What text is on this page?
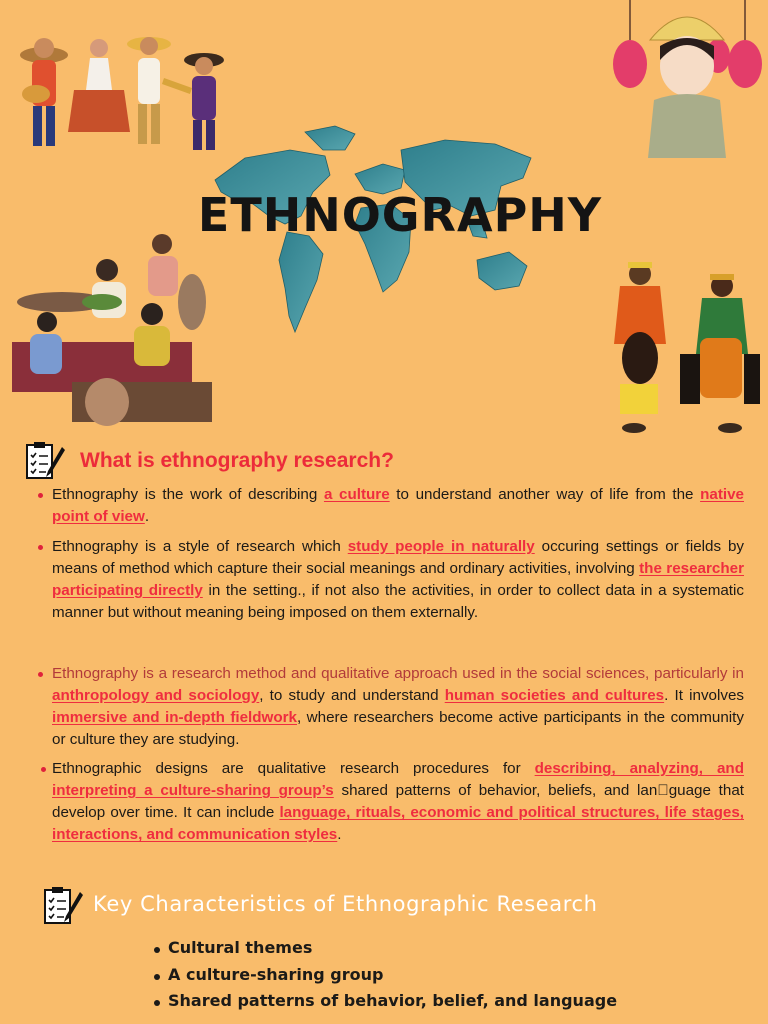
ETHNOGRAPHY
What is ethnography research?
Ethnography is the work of describing a culture to understand another way of life from the native point of view.
Ethnography is a style of research which study people in naturally occuring settings or fields by means of method which capture their social meanings and ordinary activities, involving the researcher participating directly in the setting., if not also the activities, in order to collect data in a systematic manner but without meaning being imposed on them externally.
Ethnography is a research method and qualitative approach used in the social sciences, particularly in anthropology and sociology, to study and understand human societies and cultures. It involves immersive and in-depth fieldwork, where researchers become active participants in the community or culture they are studying.
Ethnographic designs are qualitative research procedures for describing, analyzing, and interpreting a culture-sharing group’s shared patterns of behavior, beliefs, and lan guage that develop over time. It can include language, rituals, economic and political structures, life stages, interactions, and communication styles.
Key Characteristics of Ethnographic Research
Cultural themes
A culture-sharing group
Shared patterns of behavior, belief, and language
